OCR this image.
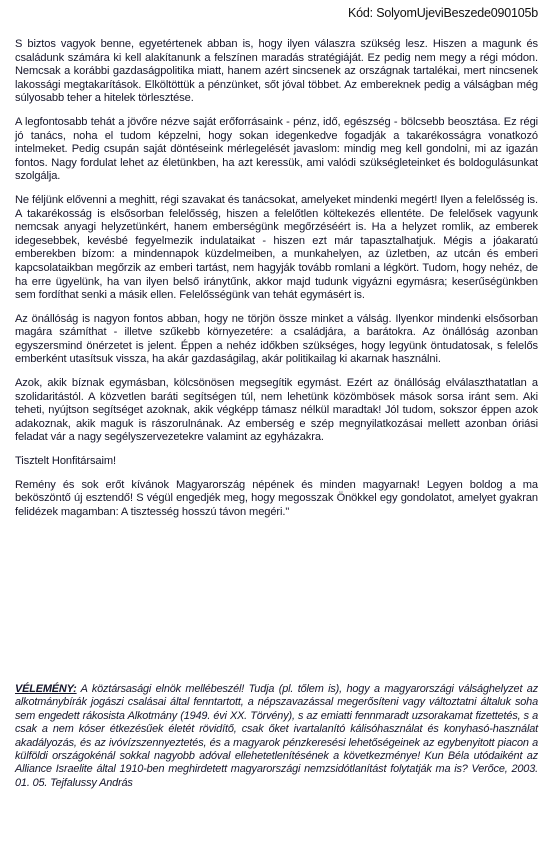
Kód: SolyomUjeviBeszede090105b

S biztos vagyok benne, egyetértenek abban is, hogy ilyen válaszra szükség lesz. Hiszen a magunk és családunk számára ki kell alakítanunk a felszínen maradás stratégiáját. Ez pedig nem megy a régi módon. Nemcsak a korábbi gazdaságpolitika miatt, hanem azért sincsenek az országnak tartalékai, mert nincsenek lakossági megtakarítások. Elköltöttük a pénzünket, sőt jóval többet. Az embereknek pedig a válságban még súlyosabb teher a hitelek törlesztése.

A legfontosabb tehát a jövőre nézve saját erőforrásaink - pénz, idő, egészség - bölcsebb beosztása. Ez régi jó tanács, noha el tudom képzelni, hogy sokan idegenkedve fogadják a takarékosságra vonatkozó intelmeket. Pedig csupán saját döntéseink mérlegelését javaslom: mindig meg kell gondolni, mi az igazán fontos. Nagy fordulat lehet az életünkben, ha azt keressük, ami valódi szükségleteinket és boldogulásunkat szolgálja.

Ne féljünk elővenni a meghitt, régi szavakat és tanácsokat, amelyeket mindenki megért! Ilyen a felelősség is. A takarékosság is elsősorban felelősség, hiszen a felelőtlen költekezés ellentéte. De felelősek vagyunk nemcsak anyagi helyzetünkért, hanem emberségünk megőrzéséért is. Ha a helyzet romlik, az emberek idegesebbek, kevésbé fegyelmezik indulataikat - hiszen ezt már tapasztalhatjuk. Mégis a jóakaratú emberekben bízom: a mindennapok küzdelmeiben, a munkahelyen, az üzletben, az utcán és emberi kapcsolataikban megőrzik az emberi tartást, nem hagyják tovább romlani a légkört. Tudom, hogy nehéz, de ha erre ügyelünk, ha van ilyen belső iránytűnk, akkor majd tudunk vigyázni egymásra; keserűségünkben sem fordíthat senki a másik ellen. Felelősségünk van tehát egymásért is.

Az önállóság is nagyon fontos abban, hogy ne törjön össze minket a válság. Ilyenkor mindenki elsősorban magára számíthat - illetve szűkebb környezetére: a családjára, a barátokra. Az önállóság azonban egyszersmind önérzetet is jelent. Éppen a nehéz időkben szükséges, hogy legyünk öntudatosak, s felelős emberként utasítsuk vissza, ha akár gazdaságilag, akár politikailag ki akarnak használni.

Azok, akik bíznak egymásban, kölcsönösen megsegítik egymást. Ezért az önállóság elválaszthatatlan a szolidaritástól. A közvetlen baráti segítségen túl, nem lehetünk közömbösek mások sorsa iránt sem. Aki teheti, nyújtson segítséget azoknak, akik végképp támasz nélkül maradtak! Jól tudom, sokszor éppen azok adakoznak, akik maguk is rászorulnának. Az emberség e szép megnyilatkozásai mellett azonban óriási feladat vár a nagy segélyszervezetekre valamint az egyházakra.

Tisztelt Honfitársaim!

Remény és sok erőt kívánok Magyarország népének és minden magyarnak! Legyen boldog a ma beköszöntő új esztendő! S végül engedjék meg, hogy megosszak Önökkel egy gondolatot, amelyet gyakran felidézek magamban: A tisztesség hosszú távon megéri."

VÉLEMÉNY: A köztársasági elnök mellébeszél! Tudja (pl. tőlem is), hogy a magyarországi válsághelyzet az alkotmánybírák jogászi csalásai által fenntartott, a népszavazással megerősíteni vagy változtatni általuk soha sem engedett rákosista Alkotmány (1949. évi XX. Törvény), s az emiatti fennmaradt uzsorakamat fizettetés, s a csak a nem kóser étkezésűek életét rövidítő, csak őket ivartalanító kálisóhasználat és konyhasó-használat akadályozás, és az ivóvízszennyeztetés, és a magyarok pénzkeresési lehetőségeinek az egybenyitott piacon a külföldi országokénál sokkal nagyobb adóval ellehetetlenítésének a következménye! Kun Béla utódaiként az Alliance Israelite által 1910-ben meghirdetett magyarországi nemzsidótlanítást folytatják ma is? Verőce, 2003. 01. 05. Tejfalussy András
